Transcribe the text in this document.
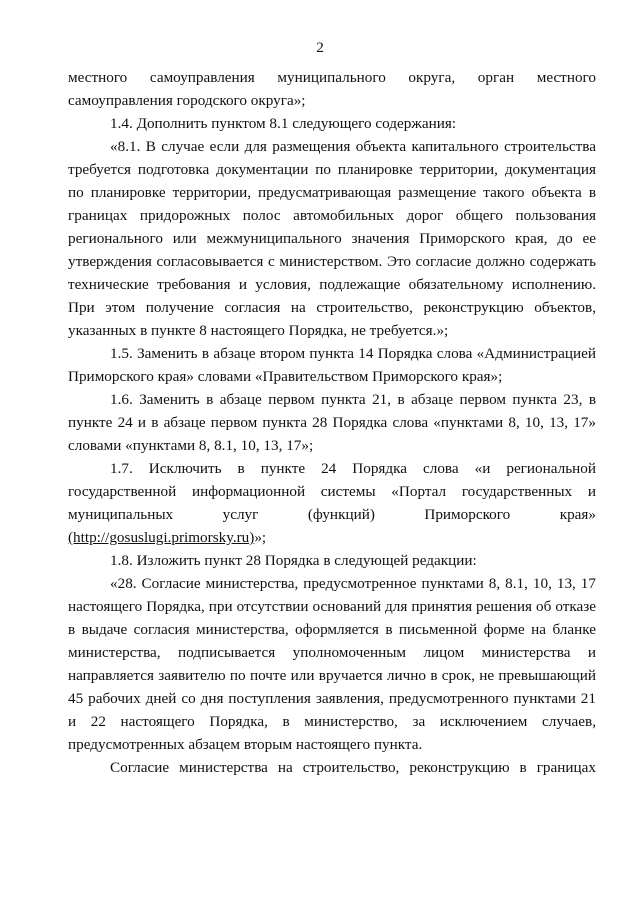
2

местного самоуправления муниципального округа, орган местного самоуправления городского округа»;

1.4. Дополнить пунктом 8.1 следующего содержания:

«8.1. В случае если для размещения объекта капитального строительства требуется подготовка документации по планировке территории, документация по планировке территории, предусматривающая размещение такого объекта в границах придорожных полос автомобильных дорог общего пользования регионального или межмуниципального значения Приморского края, до ее утверждения согласовывается с министерством. Это согласие должно содержать технические требования и условия, подлежащие обязательному исполнению. При этом получение согласия на строительство, реконструкцию объектов, указанных в пункте 8 настоящего Порядка, не требуется.»;

1.5. Заменить в абзаце втором пункта 14 Порядка слова «Администрацией Приморского края» словами «Правительством Приморского края»;

1.6. Заменить в абзаце первом пункта 21, в абзаце первом пункта 23, в пункте 24 и в абзаце первом пункта 28 Порядка слова «пунктами 8, 10, 13, 17» словами «пунктами 8, 8.1, 10, 13, 17»;

1.7. Исключить в пункте 24 Порядка слова «и региональной государственной информационной системы «Портал государственных и муниципальных услуг (функций) Приморского края» (http://gosuslugi.primorsky.ru)»;

1.8. Изложить пункт 28 Порядка в следующей редакции:

«28. Согласие министерства, предусмотренное пунктами 8, 8.1, 10, 13, 17 настоящего Порядка, при отсутствии оснований для принятия решения об отказе в выдаче согласия министерства, оформляется в письменной форме на бланке министерства, подписывается уполномоченным лицом министерства и направляется заявителю по почте или вручается лично в срок, не превышающий 45 рабочих дней со дня поступления заявления, предусмотренного пунктами 21 и 22 настоящего Порядка, в министерство, за исключением случаев, предусмотренных абзацем вторым настоящего пункта.

Согласие министерства на строительство, реконструкцию в границах
